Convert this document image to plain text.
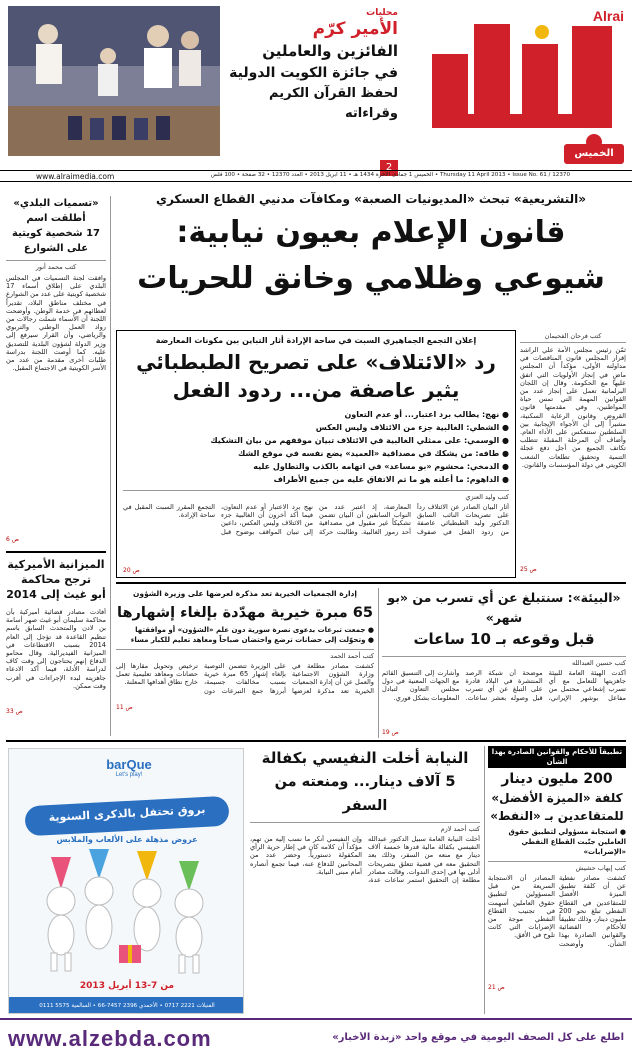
Alrai
الخميس
محليات
الأمير كرّم
الفائزين والعاملين
في جائزة الكويت الدولية
لحفظ القرآن الكريم وقراءاته
2
www.alraimedia.com	Thursday 11 April 2013 • Issue No. 61 / 12370 • الخميس 1 جمادى الآخرة 1434 هـ • 11 أبريل 2013 • العدد 12370 • 32 صفحة • 100 فلس
«تسميات البلدي»
أطلقت اسم
17 شخصية كويتية
على الشوارع
كتب محمد أنور
وافقت لجنة التسميات في المجلس البلدي على إطلاق أسماء 17 شخصية كويتية على عدد من الشوارع في مختلف مناطق البلاد، تقديراً لعطائهم في خدمة الوطن. وأوضحت اللجنة أن الأسماء شملت رجالات من رواد العمل الوطني والتربوي والرياضي، وأن القرار سيرفع إلى وزير الدولة لشؤون البلدية للتصديق عليه. كما أوصت اللجنة بدراسة طلبات أخرى مقدمة من عدد من الأسر الكويتية في الاجتماع المقبل.
ص 6
الميزانية الأميركية
ترجح محاكمة
أبو غيث إلى 2014
أفادت مصادر قضائية أميركية بأن محاكمة سليمان أبو غيث صهر أسامة بن لادن والمتحدث السابق باسم تنظيم القاعدة قد تؤجل إلى العام 2014 بسبب الاقتطاعات في الميزانية الفيديرالية. وقال محامو الدفاع إنهم يحتاجون إلى وقت كاف لدراسة الأدلة، فيما أكد الادعاء جاهزيته لبدء الإجراءات في أقرب وقت ممكن.
ص 33
«التشريعية» تبحث «المديونيات الصعبة» ومكافآت مدنيي القطاع العسكري
قانون الإعلام بعيون نيابية:
شيوعي وظلامي وخانق للحريات
إعلان التجمع الجماهيري السبت في ساحة الإرادة أثار التباين بين مكونات المعارضة
رد «الائتلاف» على تصريح الطبطبائي
يثير عاصفة من... ردود الفعل
● نهج: يطالب برد اعتبار... أو عدم التعاون
● الشطي: الغالبية جزء من الائتلاف وليس العكس
● الوسمي: على ممثلي الغالبية في الائتلاف تبيان موقفهم من بيان التشكيك
● طافه: من يشكك في مصداقية «العميد» يضع نفسه في موقع الشك
● الدمخي: محشوم «بو مساعد» في اتهامه بالكذب والتطاول عليه
● الداهوم: ما أعلنه هو ما تم الاتفاق عليه من جميع الأطراف
كتب وليد العنزي
أثار البيان الصادر عن الائتلاف رداً على تصريحات النائب السابق الدكتور وليد الطبطبائي عاصفة من ردود الفعل في صفوف المعارضة، إذ اعتبر عدد من النواب السابقين أن البيان تضمن تشكيكاً غير مقبول في مصداقية أحد رموز الغالبية. وطالبت حركة نهج برد الاعتبار أو عدم التعاون، فيما أكد آخرون أن الغالبية جزء من الائتلاف وليس العكس، داعين إلى تبيان المواقف بوضوح قبل التجمع المقرر السبت المقبل في ساحة الإرادة.
ص 20
كتب فرحان الفحيمان
ثمّن رئيس مجلس الأمة علي الراشد إقرار المجلس قانون المناقصات في مداولته الأولى، مؤكداً أن المجلس ماضٍ في إنجاز الأولويات التي اتفق عليها مع الحكومة. وقال إن اللجان البرلمانية تعمل على إنجاز عدد من القوانين المهمة التي تمس حياة المواطنين، وفي مقدمتها قانون القروض وقانون الرعاية السكنية، مشيراً إلى أن الأجواء الإيجابية بين السلطتين ستنعكس على الأداء العام. وأضاف أن المرحلة المقبلة تتطلب تكاتف الجميع من أجل دفع عجلة التنمية وتحقيق تطلعات الشعب الكويتي في دولة المؤسسات والقانون.
ص 25
«البيئة»: سنتبلغ عن أي تسرب من «بو شهر»
قبل وقوعه بـ 10 ساعات
كتب حسين العبدالله
أكدت الهيئة العامة للبيئة جاهزيتها للتعامل مع أي تسرب إشعاعي محتمل من مفاعل بوشهر الإيراني، موضحة أن شبكة الرصد المنتشرة في البلاد قادرة على التبلغ عن أي تسرب قبل وصوله بعشر ساعات. وأشارت إلى التنسيق القائم مع الجهات المعنية في دول مجلس التعاون لتبادل المعلومات بشكل فوري.
ص 19
إدارة الجمعيات الخيرية تعد مذكرة لعرضها على وزيرة الشؤون
65 مبرة خيرية مهدّدة بإلغاء إشهارها
● جمعت تبرعات بدعوى نصرة سورية دون علم «الشؤون» أو موافقتها
● وتحوّلت إلى حضانات ترضع واحتضان صباحاً ومعاهد تعليم للكبار مساء
كتب أحمد الحمد
كشفت مصادر مطلعة في وزارة الشؤون الاجتماعية والعمل عن أن إدارة الجمعيات الخيرية تعد مذكرة لعرضها على الوزيرة تتضمن التوصية بإلغاء إشهار 65 مبرة خيرية بسبب مخالفات جسيمة، أبرزها جمع التبرعات دون ترخيص وتحويل مقارها إلى حضانات ومعاهد تعليمية تعمل خارج نطاق أهدافها المعلنة.
ص 11
barQue
Let's play!
بروق تحتفل بالذكرى السنوية
عروض مذهلة على الألعاب والملابس
من 7-13 أبريل 2013
الفنيلات 2221 0717 • الأحمدي 2396 7457-66 • السالمية 5575 0111
النيابة أخلت النفيسي بكفالة
5 آلاف دينار... ومنعته من السفر
كتب أحمد لازم
أخلت النيابة العامة سبيل الدكتور عبدالله النفيسي بكفالة مالية قدرها خمسة آلاف دينار مع منعه من السفر، وذلك بعد التحقيق معه في قضية تتعلق بتصريحات أدلى بها في إحدى الندوات. وقالت مصادر مطلعة إن التحقيق استمر ساعات عدة، وإن النفيسي أنكر ما نسب إليه من تهم، مؤكداً أن كلامه كان في إطار حرية الرأي المكفولة دستورياً. وحضر عدد من المحامين للدفاع عنه، فيما تجمع أنصاره أمام مبنى النيابة.
تطبيقاً للأحكام والقوانين الصادرة بهذا الشأن
200 مليون دينار
كلفة «الميزة الأفضل»
للمتقاعدين بـ «النفط»
● استجابة مسؤولي لتطبيق حقوق العاملين جنّبت القطاع النفطي «الإضرابات»
كتب إيهاب حشيش
كشفت مصادر نفطية عن أن كلفة تطبيق الميزة الأفضل للمتقاعدين في القطاع النفطي تبلغ نحو 200 مليون دينار، وذلك تطبيقاً للأحكام القضائية والقوانين الصادرة بهذا الشأن. وأوضحت المصادر أن الاستجابة السريعة من قبل المسؤولين لتطبيق حقوق العاملين أسهمت في تجنيب القطاع النفطي موجة من الإضرابات التي كانت تلوح في الأفق.
ص 21
www.alzebda.com	اطلع على كل الصحف اليومية في موقع واحد «زبدة الأخبار»
